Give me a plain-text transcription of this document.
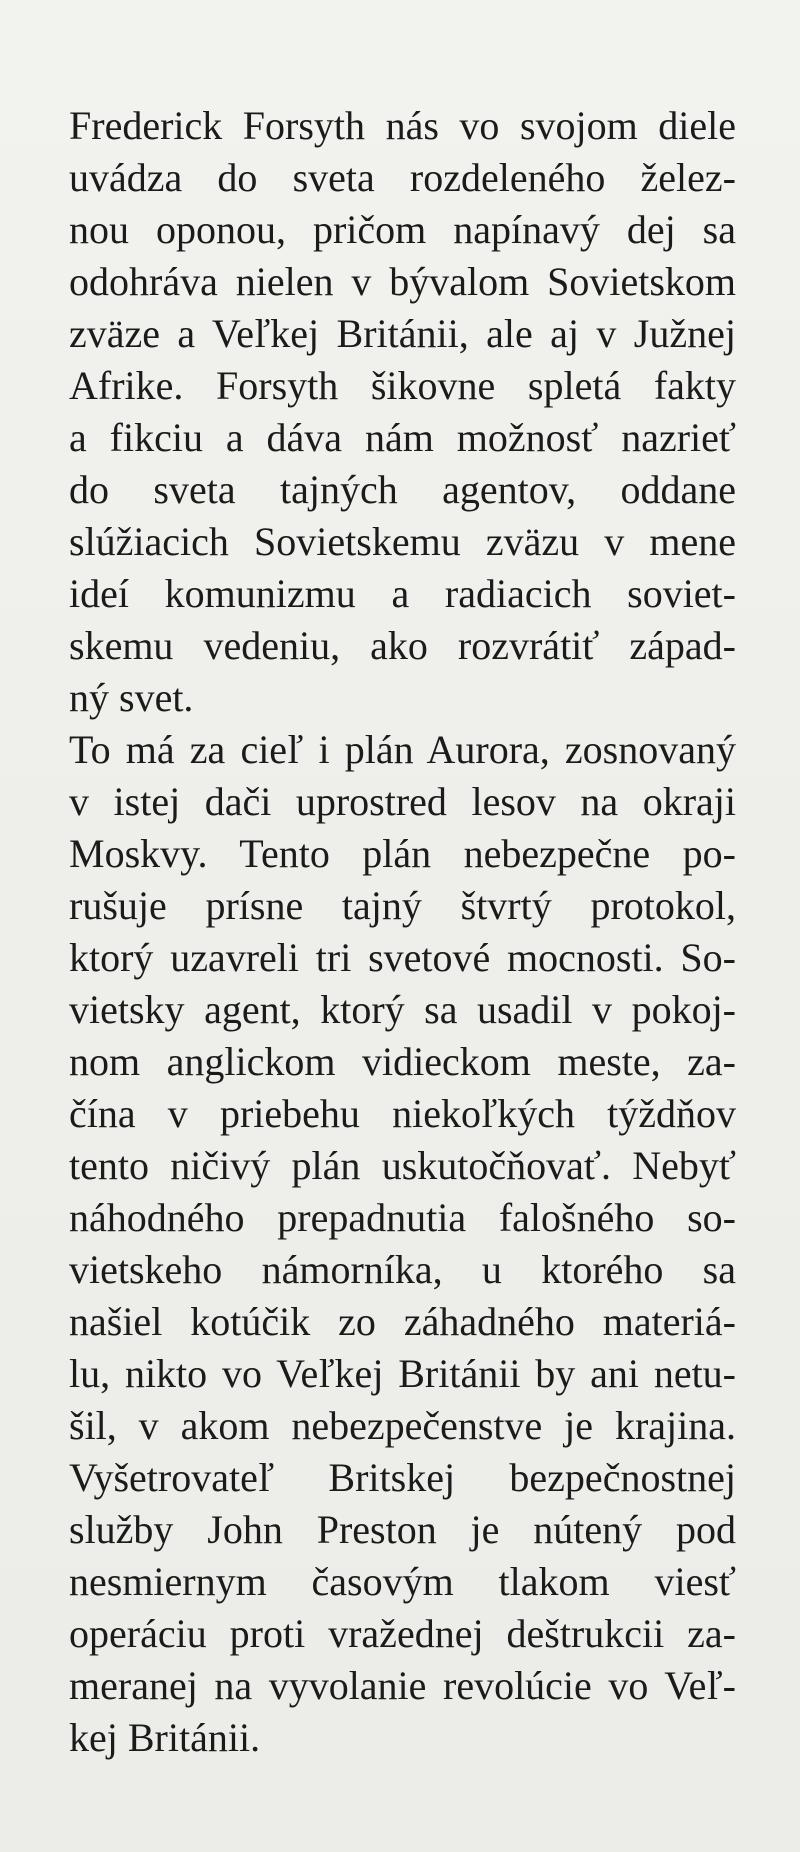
Frederick Forsyth nás vo svojom diele
uvádza do sveta rozdeleného želez-
nou oponou, pričom napínavý dej sa
odohráva nielen v bývalom Sovietskom
zväze a Veľkej Británii, ale aj v Južnej
Afrike. Forsyth šikovne spletá fakty
a fikciu a dáva nám možnosť nazrieť
do sveta tajných agentov, oddane
slúžiacich Sovietskemu zväzu v mene
ideí komunizmu a radiacich soviet-
skemu vedeniu, ako rozvrátiť západ-
ný svet.
To má za cieľ i plán Aurora, zosnovaný
v istej dači uprostred lesov na okraji
Moskvy. Tento plán nebezpečne po-
rušuje prísne tajný štvrtý protokol,
ktorý uzavreli tri svetové mocnosti. So-
vietsky agent, ktorý sa usadil v pokoj-
nom anglickom vidieckom meste, za-
čína v priebehu niekoľkých týždňov
tento ničivý plán uskutočňovať. Nebyť
náhodného prepadnutia falošného so-
vietskeho námorníka, u ktorého sa
našiel kotúčik zo záhadného materiá-
lu, nikto vo Veľkej Británii by ani netu-
šil, v akom nebezpečenstve je krajina.
Vyšetrovateľ Britskej bezpečnostnej
služby John Preston je nútený pod
nesmiernym časovým tlakom viesť
operáciu proti vražednej deštrukcii za-
meranej na vyvolanie revolúcie vo Veľ-
kej Británii.
